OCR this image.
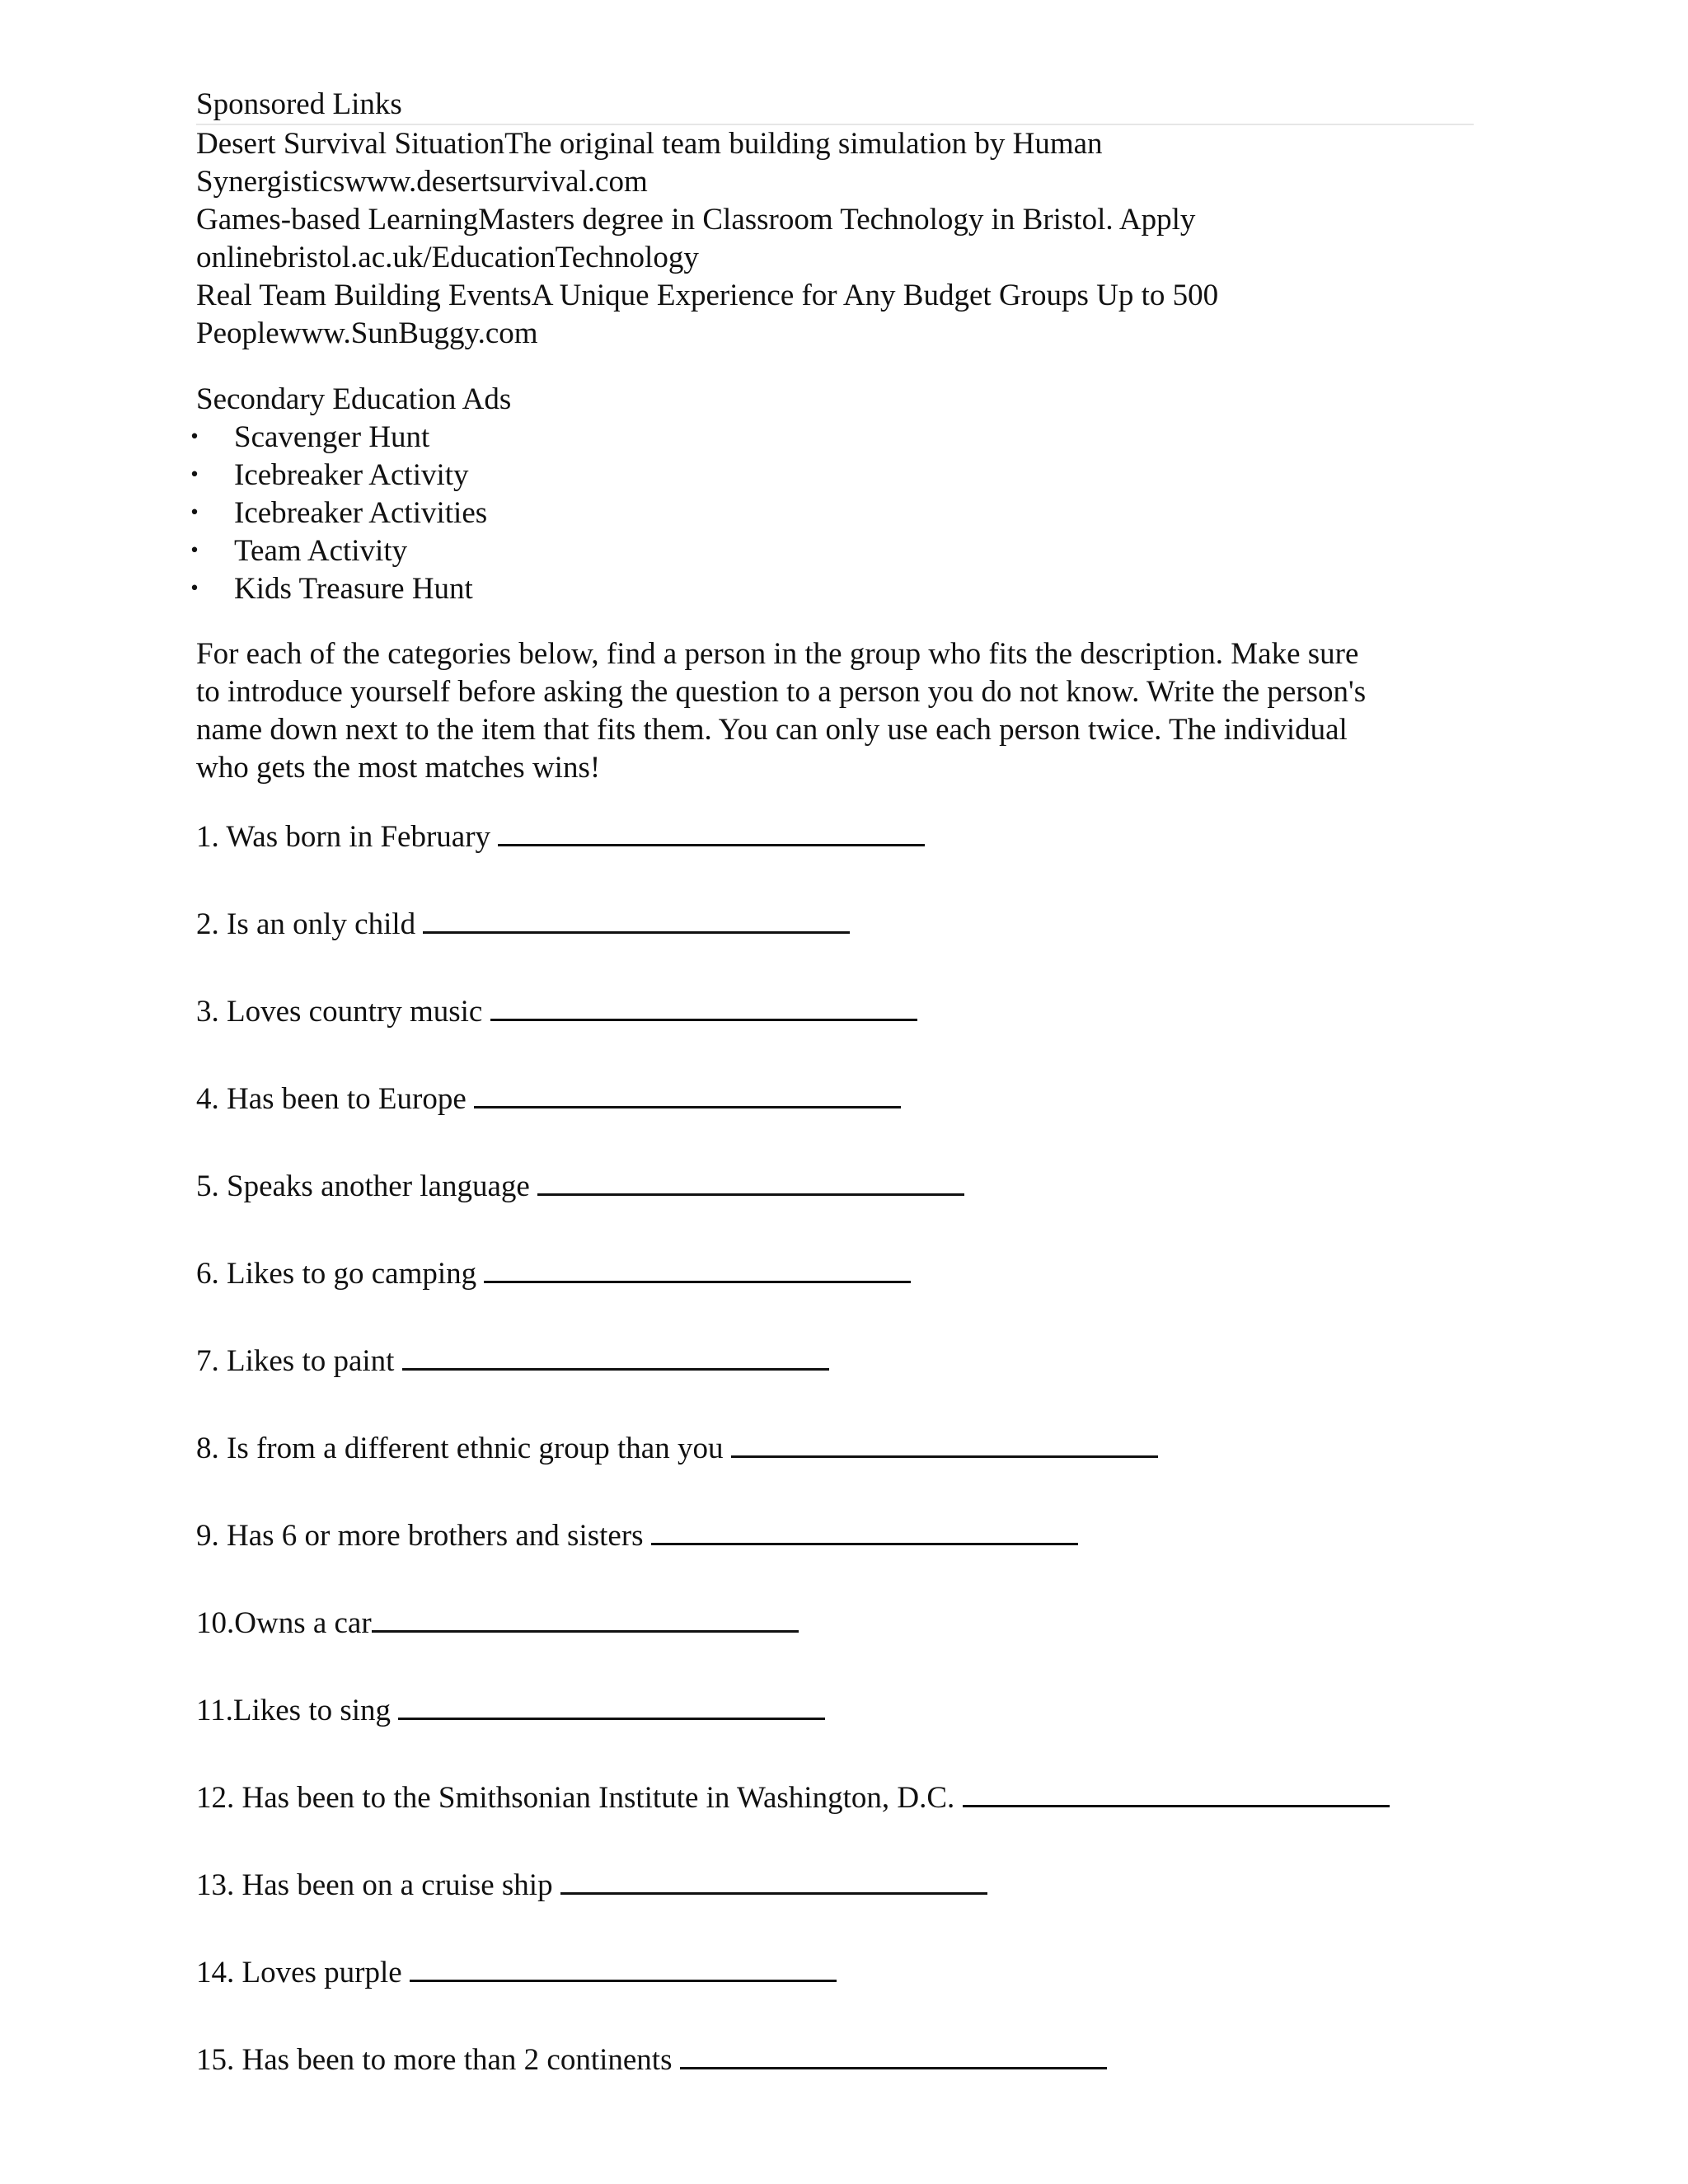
Sponsored Links
Desert Survival SituationThe original team building simulation by Human
Synergisticswww.desertsurvival.com
Games-based LearningMasters degree in Classroom Technology in Bristol. Apply
onlinebristol.ac.uk/EducationTechnology
Real Team Building EventsA Unique Experience for Any Budget Groups Up to 500
Peoplewww.SunBuggy.com
Secondary Education Ads
• Scavenger Hunt
• Icebreaker Activity
• Icebreaker Activities
• Team Activity
• Kids Treasure Hunt
For each of the categories below, find a person in the group who fits the description. Make sure
to introduce yourself before asking the question to a person you do not know. Write the person's
name down next to the item that fits them. You can only use each person twice. The individual
who gets the most matches wins!
1. Was born in February
2. Is an only child
3. Loves country music
4. Has been to Europe
5. Speaks another language
6. Likes to go camping
7. Likes to paint
8. Is from a different ethnic group than you
9. Has 6 or more brothers and sisters
10.Owns a car
11.Likes to sing
12. Has been to the Smithsonian Institute in Washington, D.C.
13. Has been on a cruise ship
14. Loves purple
15. Has been to more than 2 continents
